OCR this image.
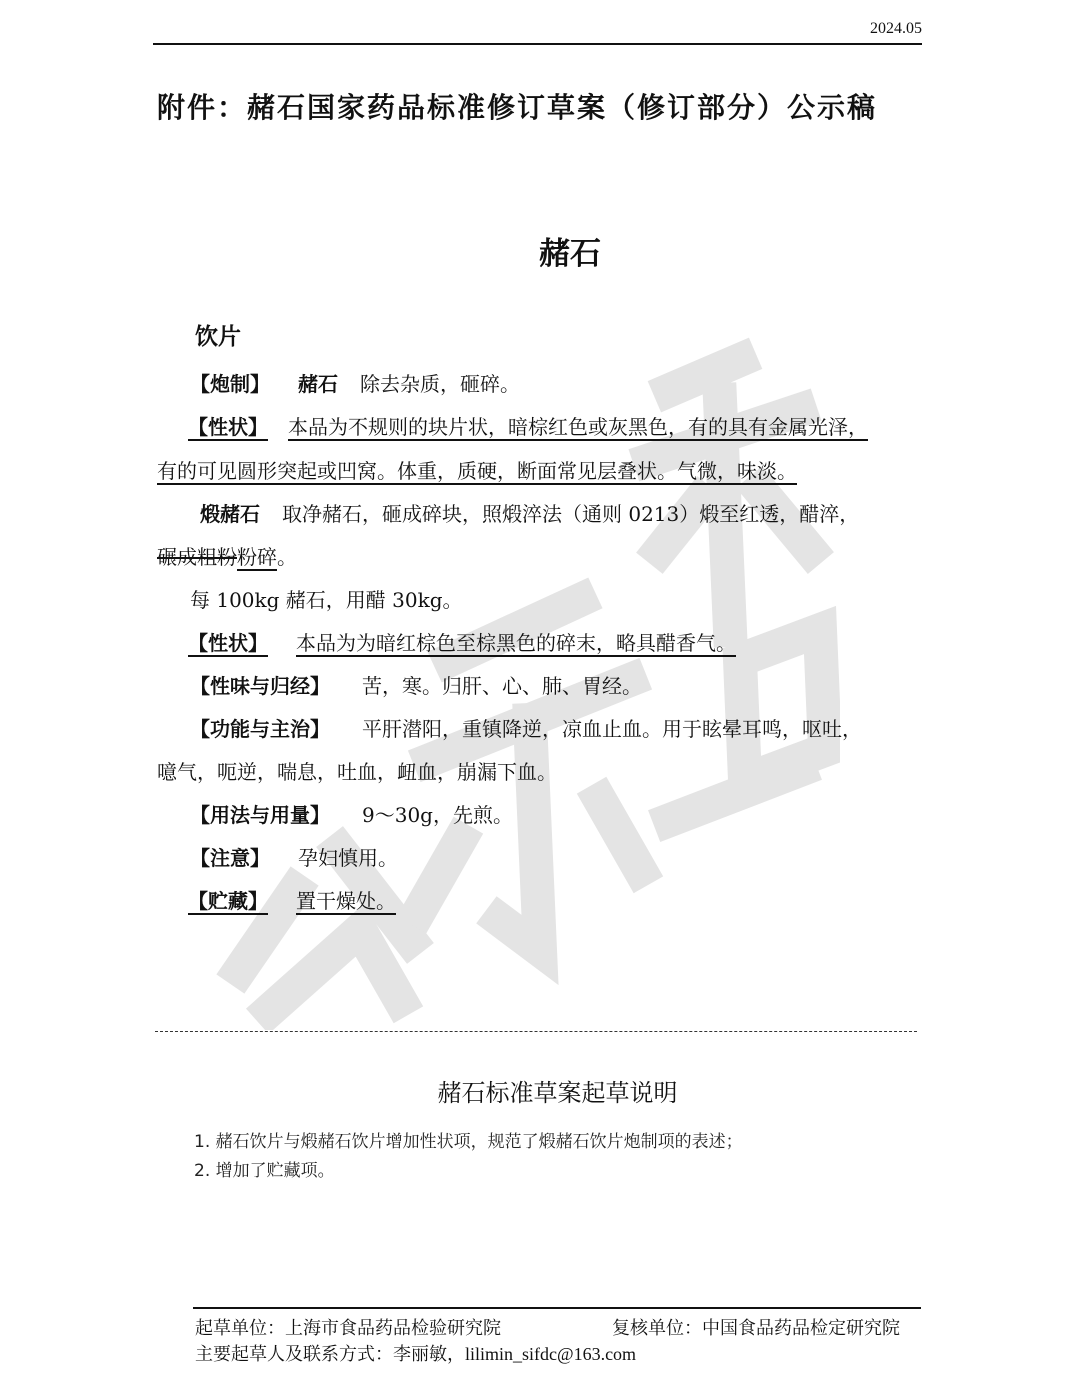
2024.05
附件：赭石国家药品标准修订草案（修订部分）公示稿
赭石
饮片
【炮制】 赭石 除去杂质，砸碎。
【性状】 本品为不规则的块片状，暗棕红色或灰黑色，有的具有金属光泽，
有的可见圆形突起或凹窝。体重，质硬，断面常见层叠状。气微，味淡。
煅赭石 取净赭石，砸成碎块，照煅淬法（通则 0213）煅至红透，醋淬，
碾成粗粉粉碎。
每 100kg 赭石，用醋 30kg。
【性状】 本品为为暗红棕色至棕黑色的碎末，略具醋香气。
【性味与归经】 苦，寒。归肝、心、肺、胃经。
【功能与主治】 平肝潜阳，重镇降逆，凉血止血。用于眩晕耳鸣，呕吐，
噫气，呃逆，喘息，吐血，衄血，崩漏下血。
【用法与用量】 9～30g，先煎。
【注意】 孕妇慎用。
【贮藏】 置干燥处。
赭石标准草案起草说明
1. 赭石饮片与煅赭石饮片增加性状项，规范了煅赭石饮片炮制项的表述；
2. 增加了贮藏项。
起草单位：上海市食品药品检验研究院	复核单位：中国食品药品检定研究院
主要起草人及联系方式：李丽敏，lilimin_sifdc@163.com
